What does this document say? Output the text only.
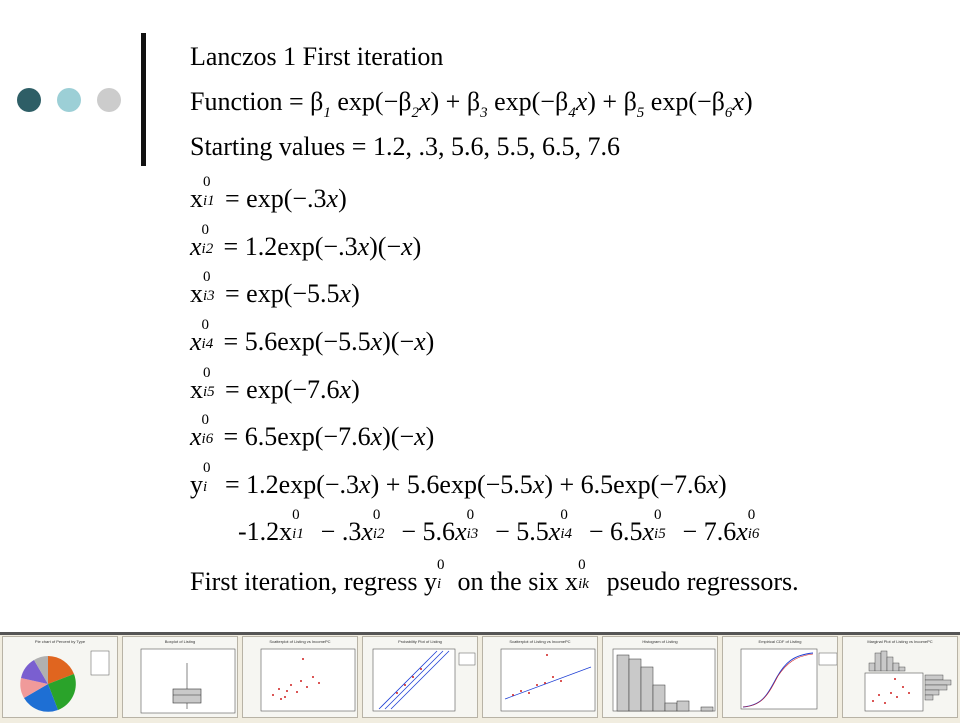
Lanczos 1 First iteration
Function = $\beta_1$ $\exp(-\beta_2x) + \beta_3$ $\exp(-\beta_4x) + \beta_5$ $\exp(-\beta_6x)$
Starting values = 1.2, .3, 5.6, 5.5, 6.5, 7.6
x
0
i1 = exp(−.3x)
x
0
i2 = 1.2exp(−.3x)(−x)
x
0
i3 = exp(−5.5x)
x
0
i4 = 5.6exp(−5.5x)(−x)
x
0
i5 = exp(−7.6x)
x
0
i6 = 6.5exp(−7.6x)(−x)
y
0
i = 1.2exp(−.3x) + 5.6exp(−5.5x) + 6.5exp(−7.6x)
-1.2x
0
i1 − .3x
0
i2 − 5.6x
0
i3 − 5.5x
0
i4 − 6.5x
0
i5 − 7.6x
0
i6
First iteration, regress y
0
i on the six x
0
ik pseudo regressors.
Pie chart of Percent by Type	Boxplot of Listing	Scatterplot of Listing vs IncomePC	Probability Plot of Listing	Scatterplot of Listing vs IncomePC	Histogram of Listing	Empirical CDF of Listing	Marginal Plot of Listing vs IncomePC
